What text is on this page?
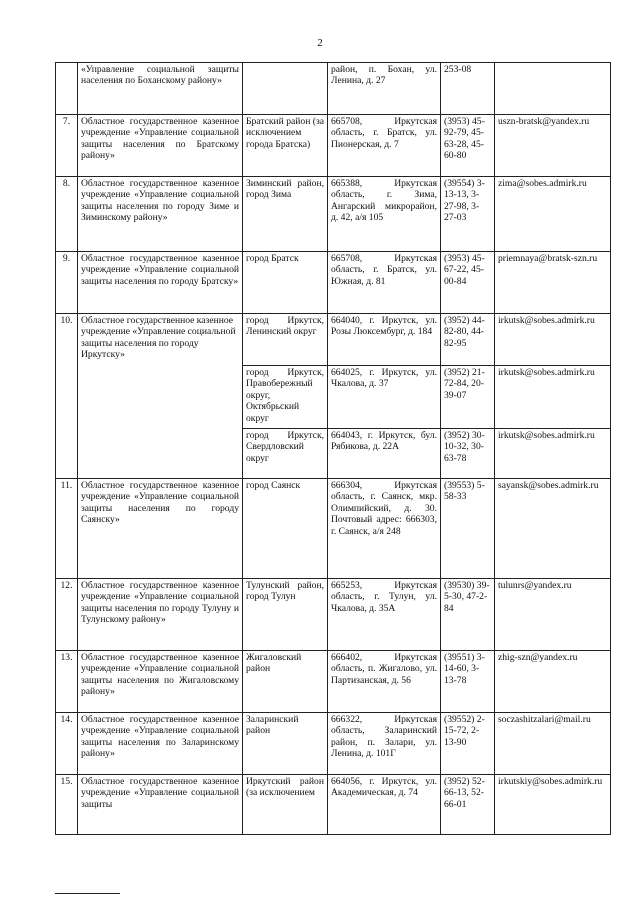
2
	«Управление социальной защиты населения по Боханскому району»		район, п. Бохан, ул. Ленина, д. 27	253-08	
7.	Областное государственное казенное учреждение «Управление социальной защиты населения по Братскому району»	Братский район (за исключением города Братска)	665708, Иркутская область, г. Братск, ул. Пионерская, д. 7	(3953) 45-92-79, 45-63-28, 45-60-80	uszn-bratsk@yandex.ru
8.	Областное государственное казенное учреждение «Управление социальной защиты населения по городу Зиме и Зиминскому району»	Зиминский район, город Зима	665388, Иркутская область, г. Зима, Ангарский микрорайон, д. 42, а/я 105	(39554) 3-13-13, 3-27-98, 3-27-03	zima@sobes.admirk.ru
9.	Областное государственное казенное учреждение «Управление социальной защиты населения по городу Братску»	город Братск	665708, Иркутская область, г. Братск, ул. Южная, д. 81	(3953) 45-67-22, 45-00-84	priemnaya@bratsk-szn.ru
10.	Областное государственное казенное учреждение «Управление социальной защиты населения по городу Иркутску»	город Иркутск, Ленинский округ	664040, г. Иркутск, ул. Розы Люксембург, д. 184	(3952) 44-82-80, 44-82-95	irkutsk@sobes.admirk.ru
		город Иркутск, Правобережный округ, Октябрьский округ	664025, г. Иркутск, ул. Чкалова, д. 37	(3952) 21-72-84, 20-39-07	irkutsk@sobes.admirk.ru
		город Иркутск, Свердловский округ	664043, г. Иркутск, бул. Рябикова, д. 22А	(3952) 30-10-32, 30-63-78	irkutsk@sobes.admirk.ru
11.	Областное государственное казенное учреждение «Управление социальной защиты населения по городу Саянску»	город Саянск	666304, Иркутская область, г. Саянск, мкр. Олимпийский, д. 30. Почтовый адрес: 666303, г. Саянск, а/я 248	(39553) 5-58-33	sayansk@sobes.admirk.ru
12.	Областное государственное казенное учреждение «Управление социальной защиты населения по городу Тулуну и Тулунскому району»	Тулунский район, город Тулун	665253, Иркутская область, г. Тулун, ул. Чкалова, д. 35А	(39530) 39-5-30, 47-2-84	tulunrs@yandex.ru
13.	Областное государственное казенное учреждение «Управление социальной защиты населения по Жигаловскому району»	Жигаловский район	666402, Иркутская область, п. Жигалово, ул. Партизанская, д. 56	(39551) 3-14-60, 3-13-78	zhig-szn@yandex.ru
14.	Областное государственное казенное учреждение «Управление социальной защиты населения по Заларинскому району»	Заларинский район	666322, Иркутская область, Заларинский район, п. Залари, ул. Ленина, д. 101Г	(39552) 2-15-72, 2-13-90	soczashitzalari@mail.ru
15.	Областное государственное казенное учреждение «Управление социальной защиты	Иркутский район (за исключением	664056, г. Иркутск, ул. Академическая, д. 74	(3952) 52-66-13, 52-66-01	irkutskiy@sobes.admirk.ru
